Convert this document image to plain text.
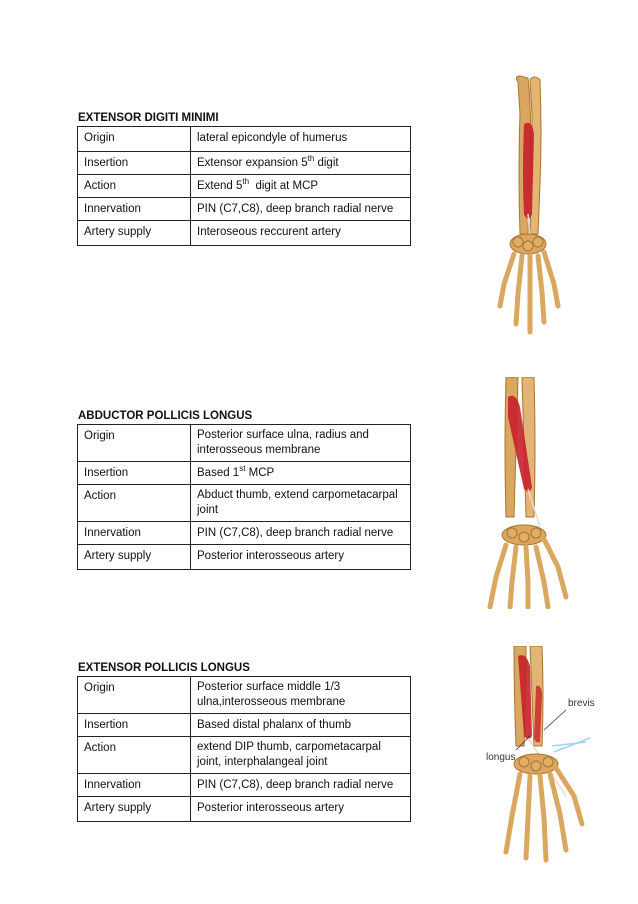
EXTENSOR DIGITI MINIMI
Origin	lateral epicondyle of humerus
Insertion	Extensor expansion 5th digit
Action	Extend 5th  digit at MCP
Innervation	PIN (C7,C8), deep branch radial nerve
Artery supply	Interoseous reccurent artery
ABDUCTOR POLLICIS LONGUS
Origin	Posterior surface ulna, radius and interosseous membrane
Insertion	Based 1st MCP
Action	Abduct thumb, extend carpometacarpal joint
Innervation	PIN (C7,C8), deep branch radial nerve
Artery supply	Posterior interosseous artery
EXTENSOR POLLICIS LONGUS
Origin	Posterior surface middle 1/3 ulna,interosseous membrane
Insertion	Based distal phalanx of thumb
Action	extend DIP thumb, carpometacarpal joint, interphalangeal joint
Innervation	PIN (C7,C8), deep branch radial nerve
Artery supply	Posterior interosseous artery
brevis
longus
